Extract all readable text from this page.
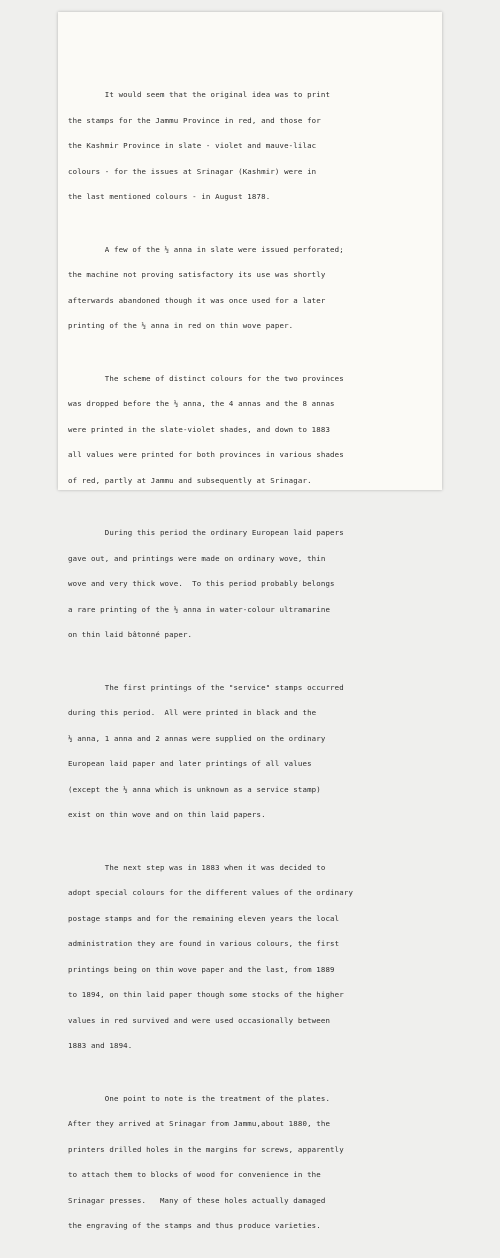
It would seem that the original idea was to print

the stamps for the Jammu Province in red, and those for

the Kashmir Province in slate - violet and mauve-lilac

colours - for the issues at Srinagar (Kashmir) were in

the last mentioned colours - in August 1878.

A few of the ½ anna in slate were issued perforated;

the machine not proving satisfactory its use was shortly

afterwards abandoned though it was once used for a later

printing of the ½ anna in red on thin wove paper.

The scheme of distinct colours for the two provinces

was dropped before the ½ anna, the 4 annas and the 8 annas

were printed in the slate-violet shades, and down to 1883

all values were printed for both provinces in various shades

of red, partly at Jammu and subsequently at Srinagar.

During this period the ordinary European laid papers

gave out, and printings were made on ordinary wove, thin

wove and very thick wove.  To this period probably belongs

a rare printing of the ½ anna in water-colour ultramarine

on thin laid bâtonné paper.

The first printings of the "service" stamps occurred

during this period.  All were printed in black and the

½ anna, 1 anna and 2 annas were supplied on the ordinary

European laid paper and later printings of all values

(except the ½ anna which is unknown as a service stamp)

exist on thin wove and on thin laid papers.

The next step was in 1883 when it was decided to

adopt special colours for the different values of the ordinary

postage stamps and for the remaining eleven years the local

administration they are found in various colours, the first

printings being on thin wove paper and the last, from 1889

to 1894, on thin laid paper though some stocks of the higher

values in red survived and were used occasionally between

1883 and 1894.

One point to note is the treatment of the plates.

After they arrived at Srinagar from Jammu,about 1880, the

printers drilled holes in the margins for screws, apparently

to attach them to blocks of wood for convenience in the

Srinagar presses.   Many of these holes actually damaged

the engraving of the stamps and thus produce varieties.
